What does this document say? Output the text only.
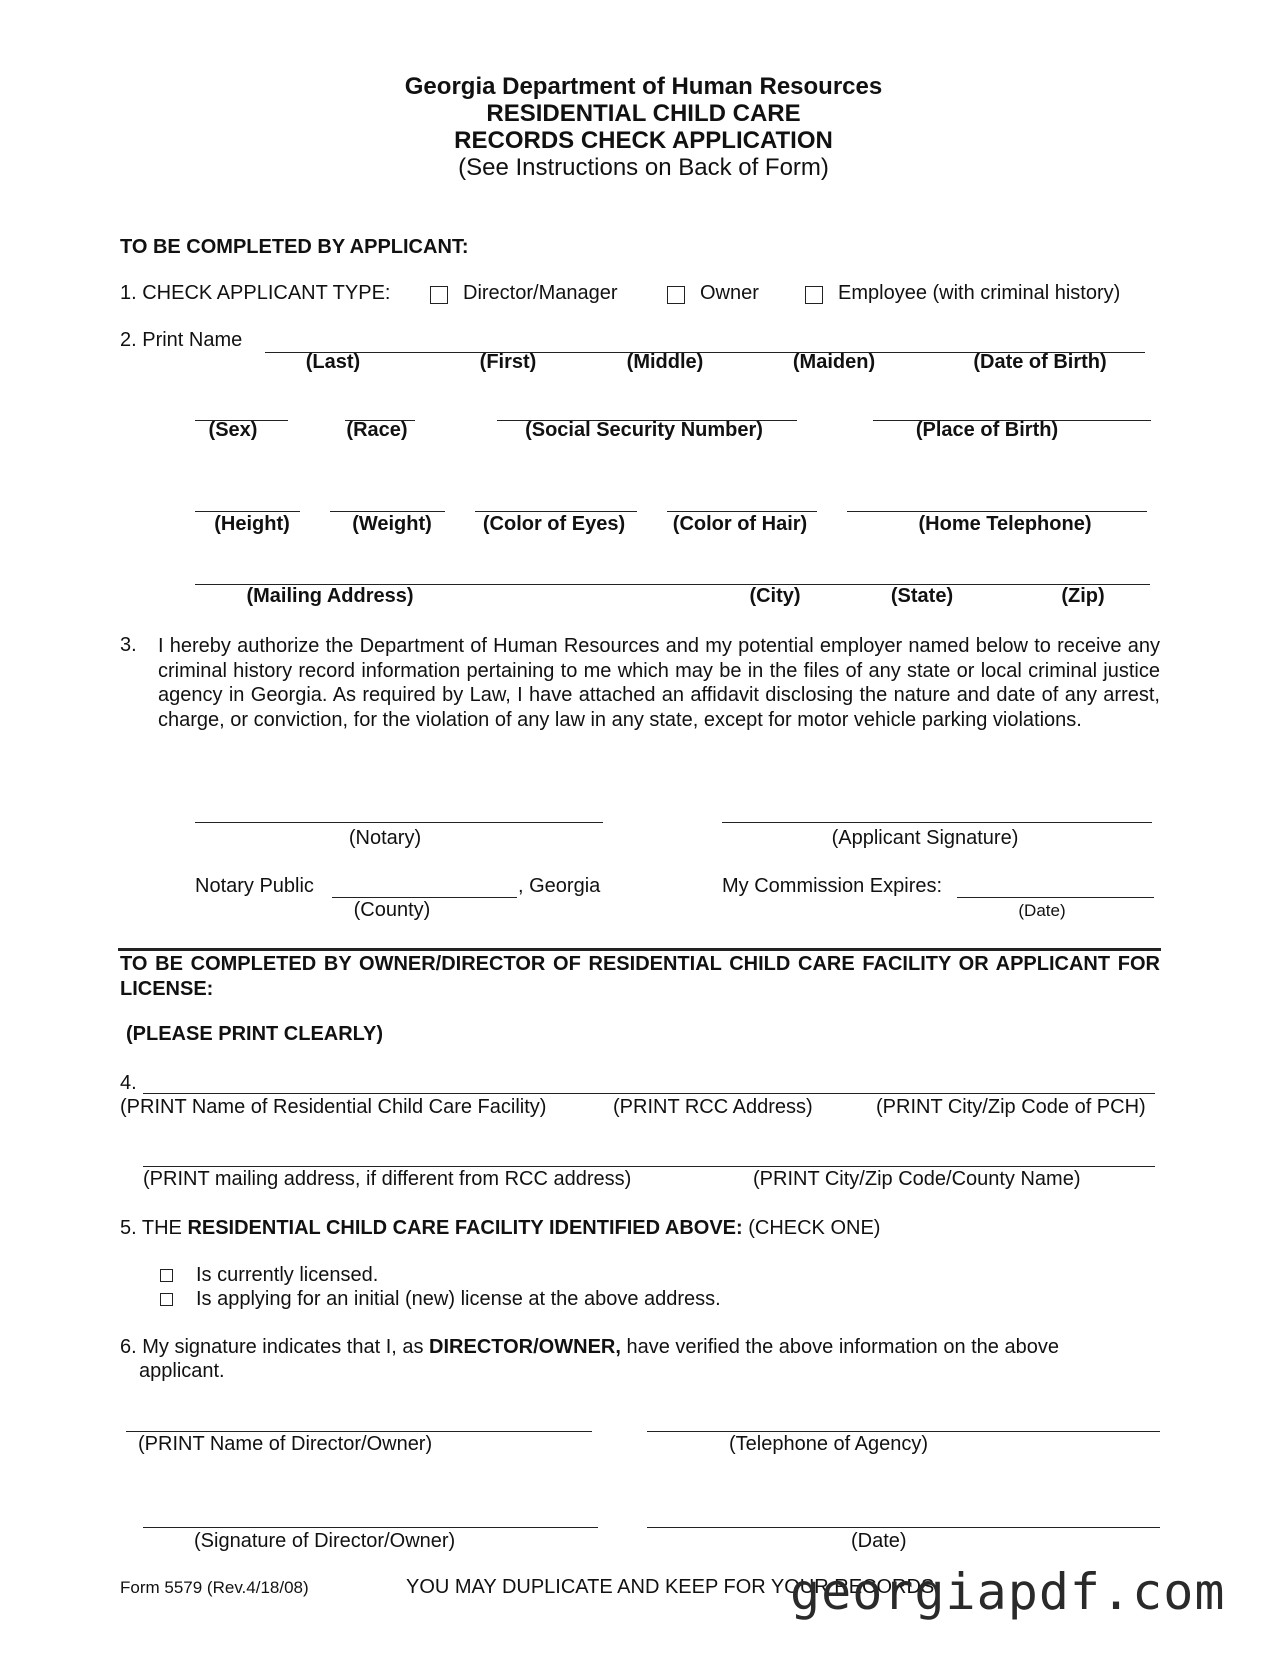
Georgia Department of Human Resources
RESIDENTIAL CHILD CARE
RECORDS CHECK APPLICATION
(See Instructions on Back of Form)
TO BE COMPLETED BY APPLICANT:
1. CHECK APPLICANT TYPE:	Director/Manager	Owner	Employee (with criminal history)
2. Print Name
(Last)	(First)	(Middle)	(Maiden)	(Date of Birth)
(Sex)	(Race)	(Social Security Number)	(Place of Birth)
(Height)	(Weight)	(Color of Eyes) (Color of Hair)	(Home Telephone)
(Mailing Address)	(City)	(State)	(Zip)
3. I hereby authorize the Department of Human Resources and my potential employer named below to receive any criminal history record information pertaining to me which may be in the files of any state or local criminal justice agency in Georgia. As required by Law, I have attached an affidavit disclosing the nature and date of any arrest, charge, or conviction, for the violation of any law in any state, except for motor vehicle parking violations.
(Notary)	(Applicant Signature)
Notary Public	, Georgia
(County)
My Commission Expires:
(Date)
TO BE COMPLETED BY OWNER/DIRECTOR OF RESIDENTIAL CHILD CARE FACILITY OR APPLICANT FOR LICENSE:
(PLEASE PRINT CLEARLY)
4.
(PRINT Name of Residential Child Care Facility)	(PRINT RCC Address)	(PRINT City/Zip Code of PCH)
(PRINT mailing address, if different from RCC address)	(PRINT City/Zip Code/County Name)
5. THE RESIDENTIAL CHILD CARE FACILITY IDENTIFIED ABOVE: (CHECK ONE)
Is currently licensed.
Is applying for an initial (new) license at the above address.
6. My signature indicates that I, as DIRECTOR/OWNER, have verified the above information on the above
applicant.
(PRINT Name of Director/Owner)	(Telephone of Agency)
(Signature of Director/Owner)	(Date)
Form 5579 (Rev.4/18/08)	YOU MAY DUPLICATE AND KEEP FOR YOUR RECORDS
georgiapdf.com
